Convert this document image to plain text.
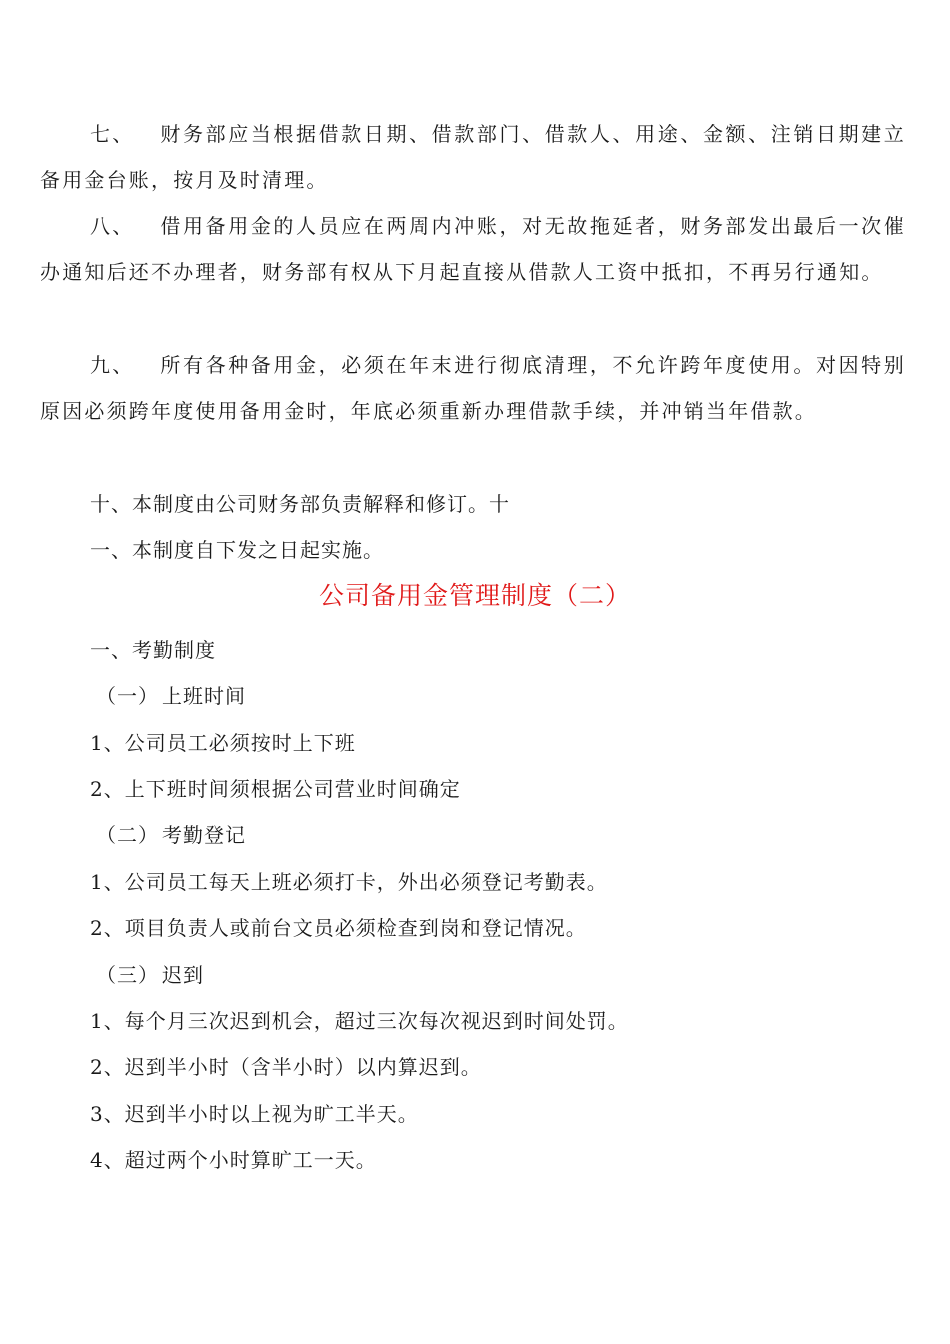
七、 财务部应当根据借款日期、借款部门、借款人、用途、金额、注销日期建立备用金台账，按月及时清理。

八、 借用备用金的人员应在两周内冲账，对无故拖延者，财务部发出最后一次催办通知后还不办理者，财务部有权从下月起直接从借款人工资中抵扣，不再另行通知。

九、 所有各种备用金，必须在年末进行彻底清理，不允许跨年度使用。对因特别原因必须跨年度使用备用金时，年底必须重新办理借款手续，并冲销当年借款。

十、本制度由公司财务部负责解释和修订。十
一、本制度自下发之日起实施。
公司备用金管理制度（二）
一、考勤制度
（一） 上班时间
1、公司员工必须按时上下班
2、上下班时间须根据公司营业时间确定
（二） 考勤登记
1、公司员工每天上班必须打卡，外出必须登记考勤表。
2、项目负责人或前台文员必须检查到岗和登记情况。
（三） 迟到
1、每个月三次迟到机会，超过三次每次视迟到时间处罚。
2、迟到半小时（含半小时）以内算迟到。
3、迟到半小时以上视为旷工半天。
4、超过两个小时算旷工一天。
